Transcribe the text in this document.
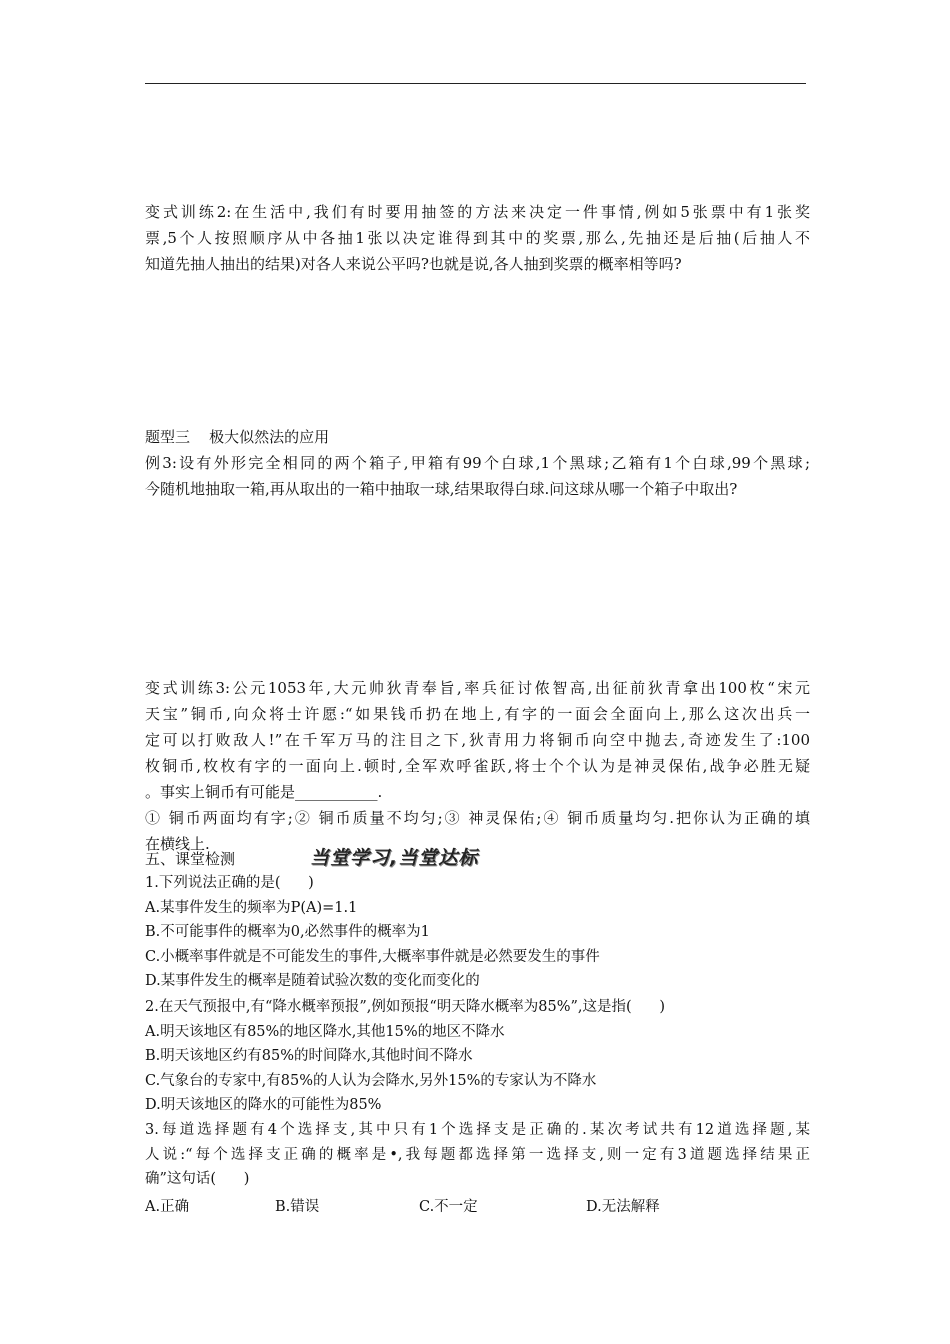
变式训练2:在生活中,我们有时要用抽签的方法来决定一件事情,例如5张票中有1张奖
票,5个人按照顺序从中各抽1张以决定谁得到其中的奖票,那么,先抽还是后抽(后抽人不
知道先抽人抽出的结果)对各人来说公平吗?也就是说,各人抽到奖票的概率相等吗?
题型三    极大似然法的应用
例3:设有外形完全相同的两个箱子,甲箱有99个白球,1个黑球;乙箱有1个白球,99个黑球;
今随机地抽取一箱,再从取出的一箱中抽取一球,结果取得白球.问这球从哪一个箱子中取出?
变式训练3:公元1053年,大元帅狄青奉旨,率兵征讨侬智高,出征前狄青拿出100枚“宋元
天宝”铜币,向众将士许愿:“如果钱币扔在地上,有字的一面会全面向上,那么这次出兵一
定可以打败敌人!”在千军万马的注目之下,狄青用力将铜币向空中抛去,奇迹发生了:100
枚铜币,枚枚有字的一面向上.顿时,全军欢呼雀跃,将士个个认为是神灵保佑,战争必胜无疑
。事实上铜币有可能是___________.
① 铜币两面均有字;② 铜币质量不均匀;③ 神灵保佑;④ 铜币质量均匀.把你认为正确的填
在横线上.
五、课堂检测	当堂学习,当堂达标
1.下列说法正确的是(      )
A.某事件发生的频率为P(A)=1.1
B.不可能事件的概率为0,必然事件的概率为1
C.小概率事件就是不可能发生的事件,大概率事件就是必然要发生的事件
D.某事件发生的概率是随着试验次数的变化而变化的
2.在天气预报中,有“降水概率预报”,例如预报“明天降水概率为85%”,这是指(      )
A.明天该地区有85%的地区降水,其他15%的地区不降水
B.明天该地区约有85%的时间降水,其他时间不降水
C.气象台的专家中,有85%的人认为会降水,另外15%的专家认为不降水
D.明天该地区的降水的可能性为85%
3.每道选择题有4个选择支,其中只有1个选择支是正确的.某次考试共有12道选择题,某
人说:“每个选择支正确的概率是•,我每题都选择第一选择支,则一定有3道题选择结果正
确”这句话(      )
A.正确	B.错误	C.不一定	D.无法解释
